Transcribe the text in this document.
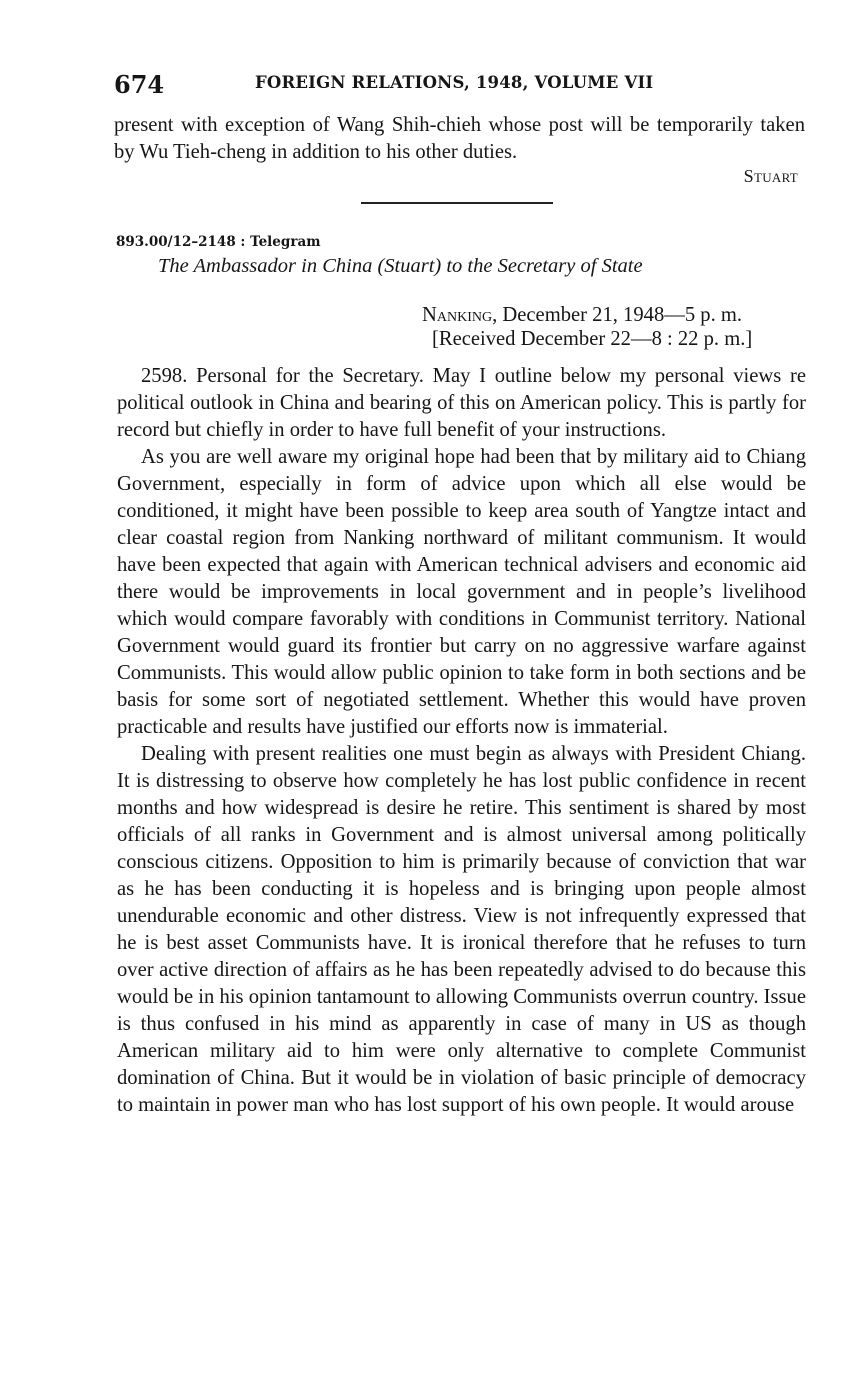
674	FOREIGN RELATIONS, 1948, VOLUME VII
present with exception of Wang Shih-chieh whose post will be temporarily taken by Wu Tieh-cheng in addition to his other duties.
Stuart
893.00/12–2148 : Telegram
The Ambassador in China (Stuart) to the Secretary of State
Nanking, December 21, 1948—5 p. m.
[Received December 22—8 : 22 p. m.]

2598. Personal for the Secretary. May I outline below my personal views re political outlook in China and bearing of this on American policy. This is partly for record but chiefly in order to have full benefit of your instructions.

As you are well aware my original hope had been that by military aid to Chiang Government, especially in form of advice upon which all else would be conditioned, it might have been possible to keep area south of Yangtze intact and clear coastal region from Nanking northward of militant communism. It would have been expected that again with American technical advisers and economic aid there would be improvements in local government and in people’s livelihood which would compare favorably with conditions in Communist territory. National Government would guard its frontier but carry on no aggressive warfare against Communists. This would allow public opinion to take form in both sections and be basis for some sort of negotiated settlement. Whether this would have proven practicable and results have justified our efforts now is immaterial.

Dealing with present realities one must begin as always with President Chiang. It is distressing to observe how completely he has lost public confidence in recent months and how widespread is desire he retire. This sentiment is shared by most officials of all ranks in Government and is almost universal among politically conscious citizens. Opposition to him is primarily because of conviction that war as he has been conducting it is hopeless and is bringing upon people almost unendurable economic and other distress. View is not infrequently expressed that he is best asset Communists have. It is ironical therefore that he refuses to turn over active direction of affairs as he has been repeatedly advised to do because this would be in his opinion tantamount to allowing Communists overrun country. Issue is thus confused in his mind as apparently in case of many in US as though American military aid to him were only alternative to complete Communist domination of China. But it would be in violation of basic principle of democracy to maintain in power man who has lost support of his own people. It would arouse
